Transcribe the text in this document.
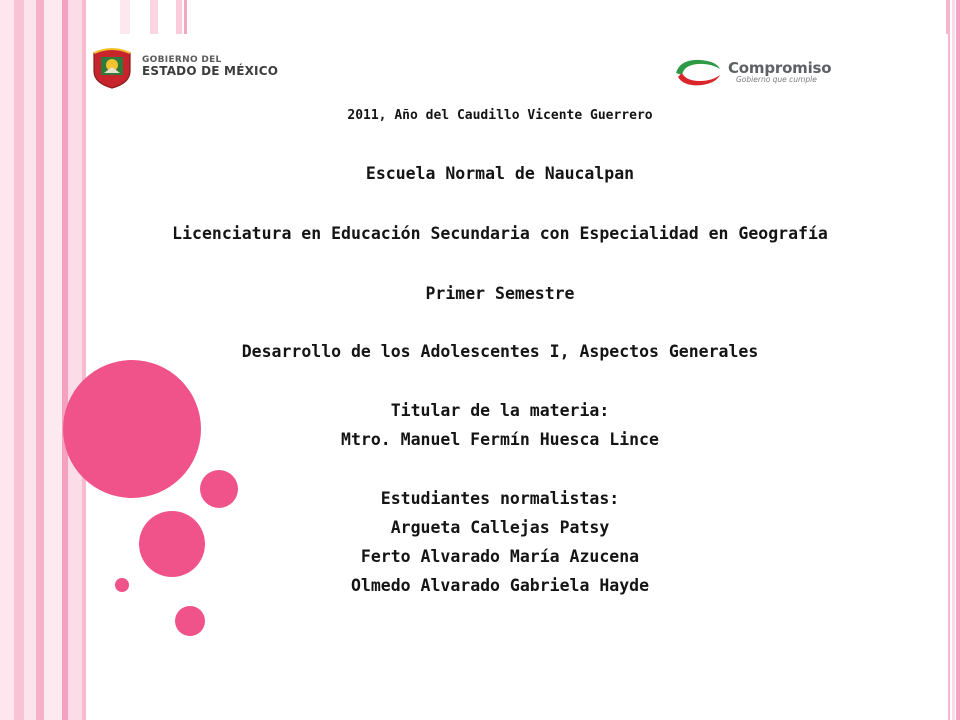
GOBIERNO DEL
ESTADO DE MÉXICO	Compromiso
Gobierno que cumple
2011, Año del Caudillo Vicente Guerrero
Escuela Normal de Naucalpan
Licenciatura en Educación Secundaria con Especialidad en Geografía
Primer Semestre
Desarrollo de los Adolescentes I, Aspectos Generales
Titular de la materia:
Mtro. Manuel Fermín Huesca Lince
Estudiantes normalistas:
Argueta Callejas Patsy
Ferto Alvarado María Azucena
Olmedo Alvarado Gabriela Hayde
